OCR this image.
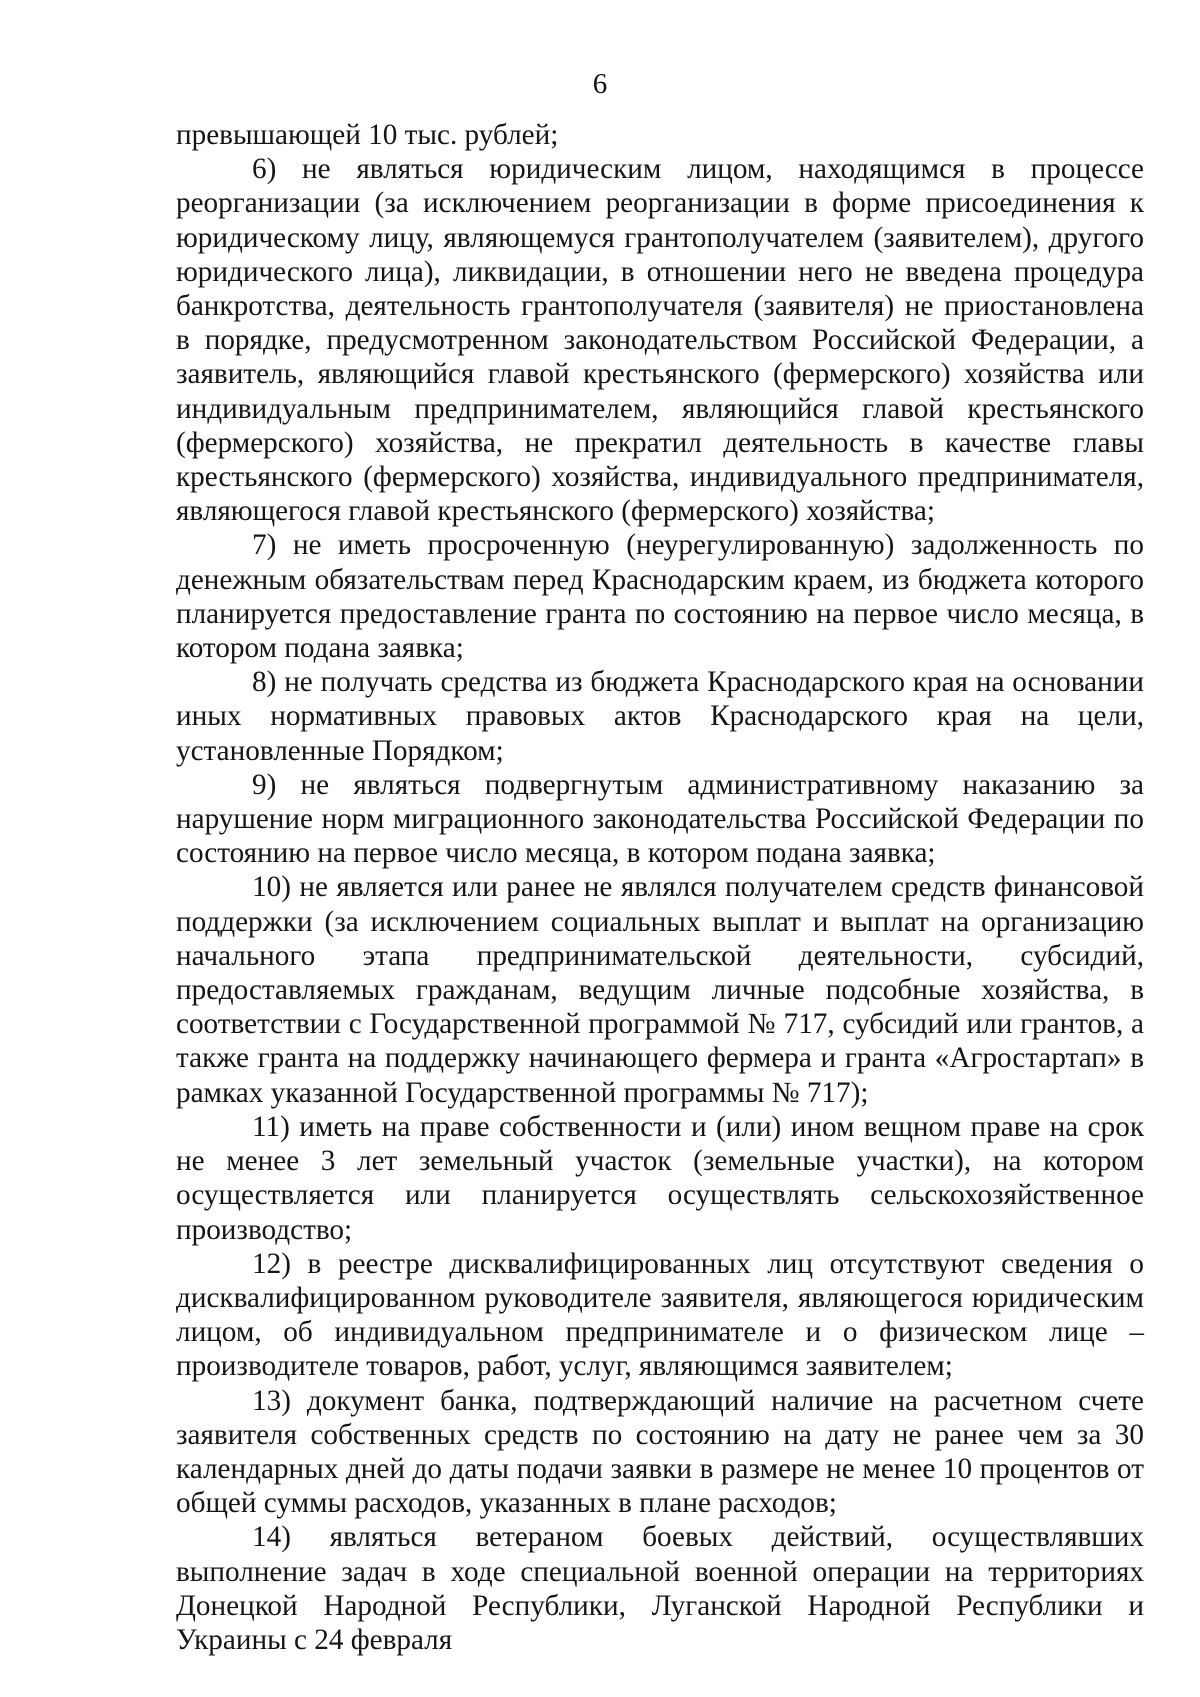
6

превышающей 10 тыс. рублей;

6) не являться юридическим лицом, находящимся в процессе реорганизации (за исключением реорганизации в форме присоединения к юридическому лицу, являющемуся грантополучателем (заявителем), другого юридического лица), ликвидации, в отношении него не введена процедура банкротства, деятельность грантополучателя (заявителя) не приостановлена в порядке, предусмотренном законодательством Российской Федерации, а заявитель, являющийся главой крестьянского (фермерского) хозяйства или индивидуальным предпринимателем, являющийся главой крестьянского (фермерского) хозяйства, не прекратил деятельность в качестве главы крестьянского (фермерского) хозяйства, индивидуального предпринимателя, являющегося главой крестьянского (фермерского) хозяйства;

7) не иметь просроченную (неурегулированную) задолженность по денежным обязательствам перед Краснодарским краем, из бюджета которого планируется предоставление гранта по состоянию на первое число месяца, в котором подана заявка;

8) не получать средства из бюджета Краснодарского края на основании иных нормативных правовых актов Краснодарского края на цели, установленные Порядком;

9) не являться подвергнутым административному наказанию за нарушение норм миграционного законодательства Российской Федерации по состоянию на первое число месяца, в котором подана заявка;

10) не является или ранее не являлся получателем средств финансовой поддержки (за исключением социальных выплат и выплат на организацию начального этапа предпринимательской деятельности, субсидий, предоставляемых гражданам, ведущим личные подсобные хозяйства, в соответствии с Государственной программой № 717, субсидий или грантов, а также гранта на поддержку начинающего фермера и гранта «Агростартап» в рамках указанной Государственной программы № 717);

11) иметь на праве собственности и (или) ином вещном праве на срок не менее 3 лет земельный участок (земельные участки), на котором осуществляется или планируется осуществлять сельскохозяйственное производство;

12) в реестре дисквалифицированных лиц отсутствуют сведения о дисквалифицированном руководителе заявителя, являющегося юридическим лицом, об индивидуальном предпринимателе и о физическом лице – производителе товаров, работ, услуг, являющимся заявителем;

13) документ банка, подтверждающий наличие на расчетном счете заявителя собственных средств по состоянию на дату не ранее чем за 30 календарных дней до даты подачи заявки в размере не менее 10 процентов от общей суммы расходов, указанных в плане расходов;

14) являться ветераном боевых действий, осуществлявших выполнение задач в ходе специальной военной операции на территориях Донецкой Народной Республики, Луганской Народной Республики и Украины с 24 февраля
